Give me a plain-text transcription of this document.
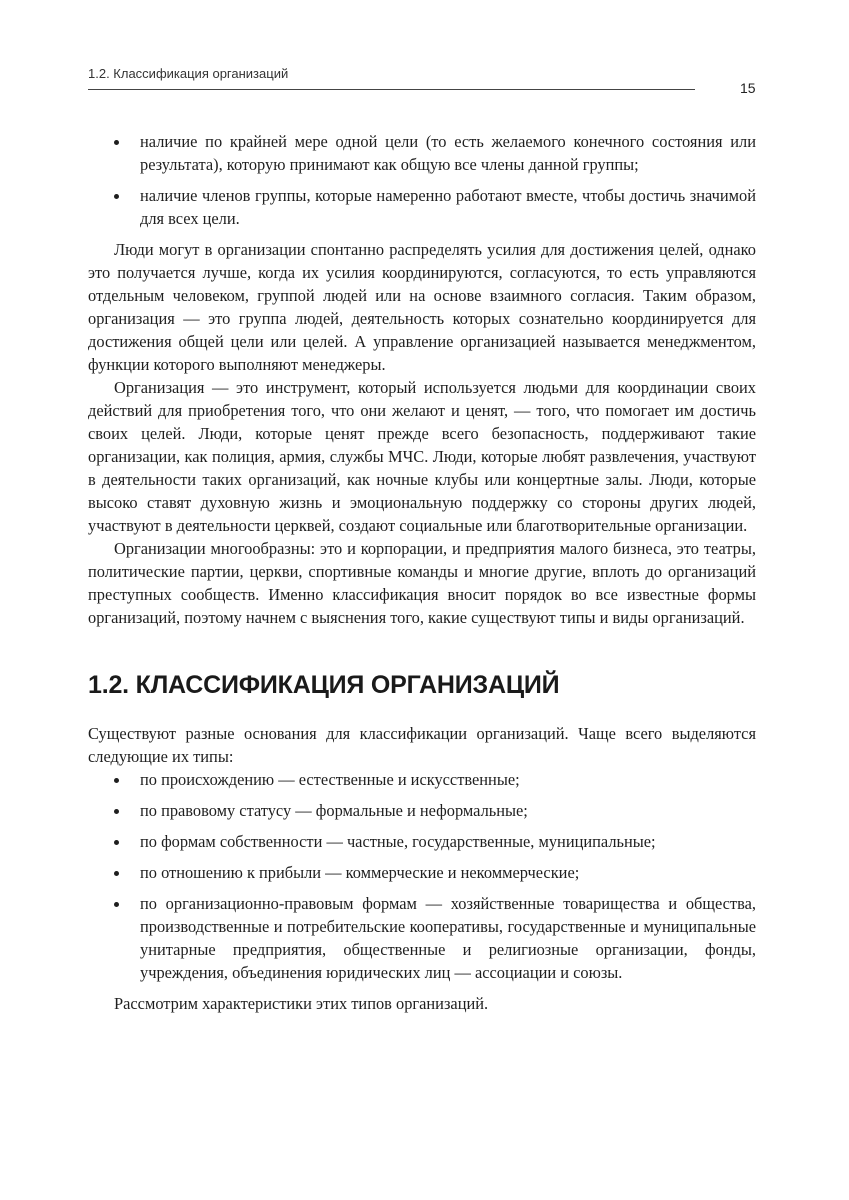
1.2. Классификация организаций
15
наличие по крайней мере одной цели (то есть желаемого конечного состояния или результата), которую принимают как общую все члены данной группы;
наличие членов группы, которые намеренно работают вместе, чтобы достичь значимой для всех цели.

Люди могут в организации спонтанно распределять усилия для достижения целей, однако это получается лучше, когда их усилия координируются, согласуются, то есть управляются отдельным человеком, группой людей или на основе взаимного согласия. Таким образом, организация — это группа людей, деятельность которых сознательно координируется для достижения общей цели или целей. А управление организацией называется менеджментом, функции которого выполняют менеджеры.

Организация — это инструмент, который используется людьми для координации своих действий для приобретения того, что они желают и ценят, — того, что помогает им достичь своих целей. Люди, которые ценят прежде всего безопасность, поддерживают такие организации, как полиция, армия, службы МЧС. Люди, которые любят развлечения, участвуют в деятельности таких организаций, как ночные клубы или концертные залы. Люди, которые высоко ставят духовную жизнь и эмоциональную поддержку со стороны других людей, участвуют в деятельности церквей, создают социальные или благотворительные организации.

Организации многообразны: это и корпорации, и предприятия малого бизнеса, это театры, политические партии, церкви, спортивные команды и многие другие, вплоть до организаций преступных сообществ. Именно классификация вносит порядок во все известные формы организаций, поэтому начнем с выяснения того, какие существуют типы и виды организаций.

1.2. КЛАССИФИКАЦИЯ ОРГАНИЗАЦИЙ

Существуют разные основания для классификации организаций. Чаще всего выделяются следующие их типы:

по происхождению — естественные и искусственные;
по правовому статусу — формальные и неформальные;
по формам собственности — частные, государственные, муниципальные;
по отношению к прибыли — коммерческие и некоммерческие;
по организационно-правовым формам — хозяйственные товарищества и общества, производственные и потребительские кооперативы, государственные и муниципальные унитарные предприятия, общественные и религиозные организации, фонды, учреждения, объединения юридических лиц — ассоциации и союзы.

Рассмотрим характеристики этих типов организаций.
